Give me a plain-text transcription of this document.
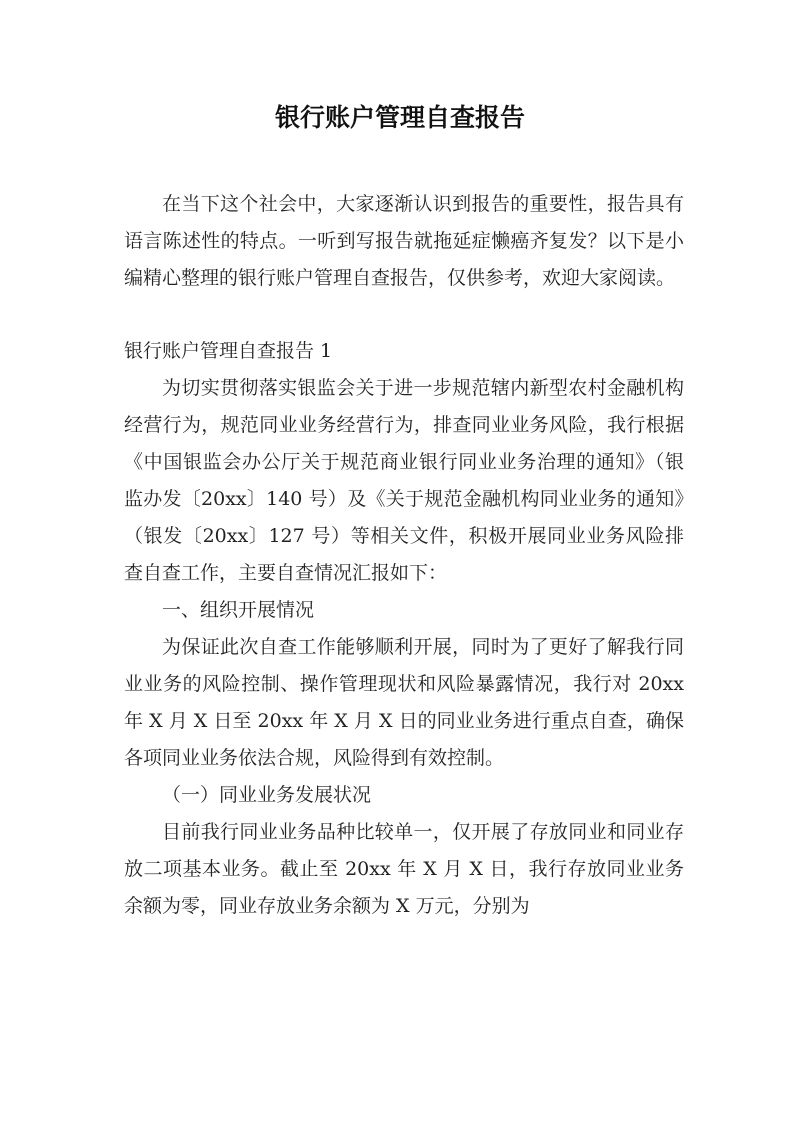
银行账户管理自查报告

在当下这个社会中，大家逐渐认识到报告的重要性，报告具有语言陈述性的特点。一听到写报告就拖延症懒癌齐复发？以下是小编精心整理的银行账户管理自查报告，仅供参考，欢迎大家阅读。

银行账户管理自查报告 1

为切实贯彻落实银监会关于进一步规范辖内新型农村金融机构经营行为，规范同业业务经营行为，排查同业业务风险，我行根据《中国银监会办公厅关于规范商业银行同业业务治理的通知》（银监办发〔20xx〕140 号）及《关于规范金融机构同业业务的通知》（银发〔20xx〕127 号）等相关文件，积极开展同业业务风险排查自查工作，主要自查情况汇报如下：

一、组织开展情况

为保证此次自查工作能够顺利开展，同时为了更好了解我行同业业务的风险控制、操作管理现状和风险暴露情况，我行对 20xx 年 X 月 X 日至 20xx 年 X 月 X 日的同业业务进行重点自查，确保各项同业业务依法合规，风险得到有效控制。

（一）同业业务发展状况

目前我行同业业务品种比较单一，仅开展了存放同业和同业存放二项基本业务。截止至 20xx 年 X 月 X 日，我行存放同业业务余额为零，同业存放业务余额为 X 万元，分别为
